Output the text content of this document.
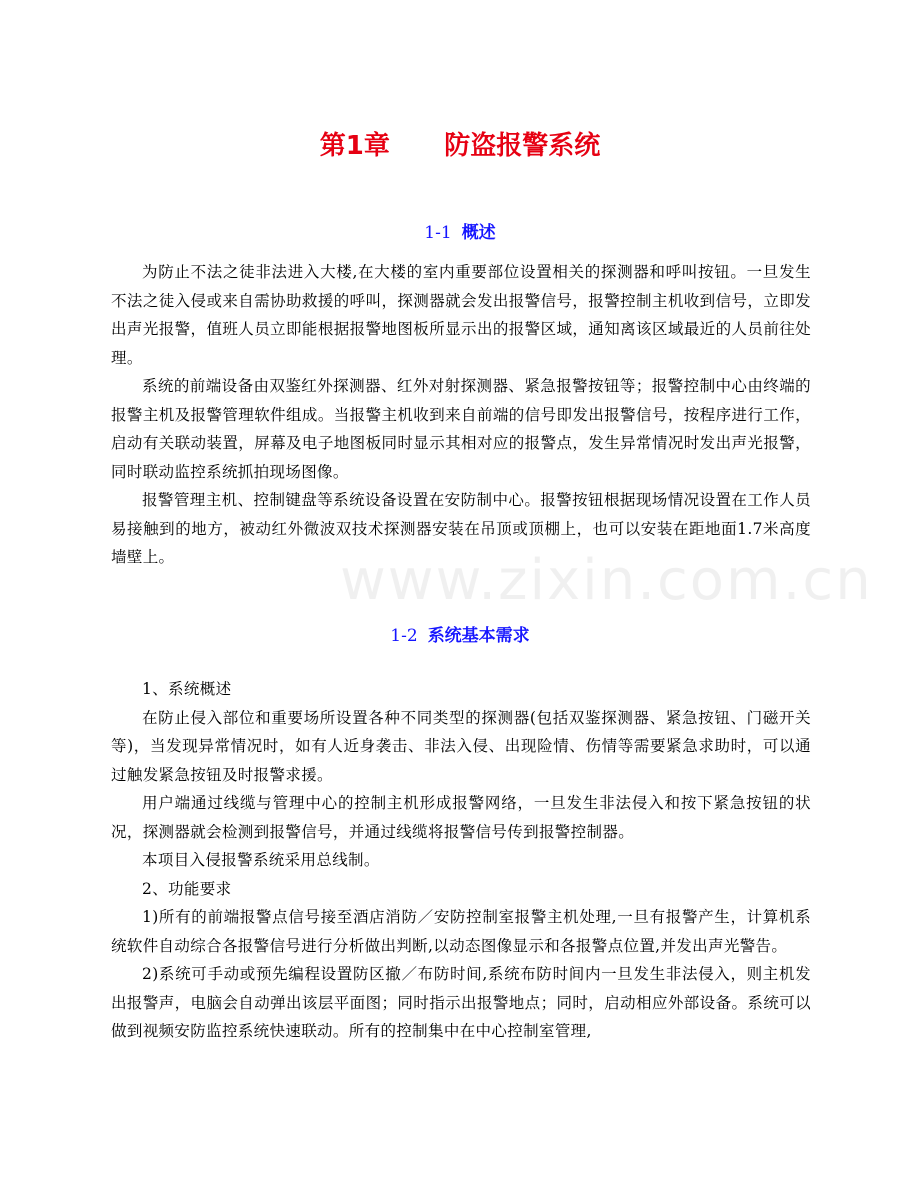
www.zixin.com.cn
第1章      防盗报警系统
1-1 概述

为防止不法之徒非法进入大楼,在大楼的室内重要部位设置相关的探测器和呼叫按钮。一旦发生不法之徒入侵或来自需协助救援的呼叫，探测器就会发出报警信号，报警控制主机收到信号，立即发出声光报警，值班人员立即能根据报警地图板所显示出的报警区域，通知离该区域最近的人员前往处理。

系统的前端设备由双鉴红外探测器、红外对射探测器、紧急报警按钮等；报警控制中心由终端的报警主机及报警管理软件组成。当报警主机收到来自前端的信号即发出报警信号，按程序进行工作，启动有关联动装置，屏幕及电子地图板同时显示其相对应的报警点，发生异常情况时发出声光报警，同时联动监控系统抓拍现场图像。

报警管理主机、控制键盘等系统设备设置在安防制中心。报警按钮根据现场情况设置在工作人员易接触到的地方，被动红外微波双技术探测器安装在吊顶或顶棚上，也可以安装在距地面1.7米高度墙壁上。

1-2 系统基本需求

1、系统概述

在防止侵入部位和重要场所设置各种不同类型的探测器(包括双鉴探测器、紧急按钮、门磁开关等)，当发现异常情况时，如有人近身袭击、非法入侵、出现险情、伤情等需要紧急求助时，可以通过触发紧急按钮及时报警求援。

用户端通过线缆与管理中心的控制主机形成报警网络，一旦发生非法侵入和按下紧急按钮的状况，探测器就会检测到报警信号，并通过线缆将报警信号传到报警控制器。

本项目入侵报警系统采用总线制。

2、功能要求

1)所有的前端报警点信号接至酒店消防／安防控制室报警主机处理,一旦有报警产生，计算机系统软件自动综合各报警信号进行分析做出判断,以动态图像显示和各报警点位置,并发出声光警告。

2)系统可手动或预先编程设置防区撤／布防时间,系统布防时间内一旦发生非法侵入，则主机发出报警声，电脑会自动弹出该层平面图；同时指示出报警地点；同时，启动相应外部设备。系统可以做到视频安防监控系统快速联动。所有的控制集中在中心控制室管理,
